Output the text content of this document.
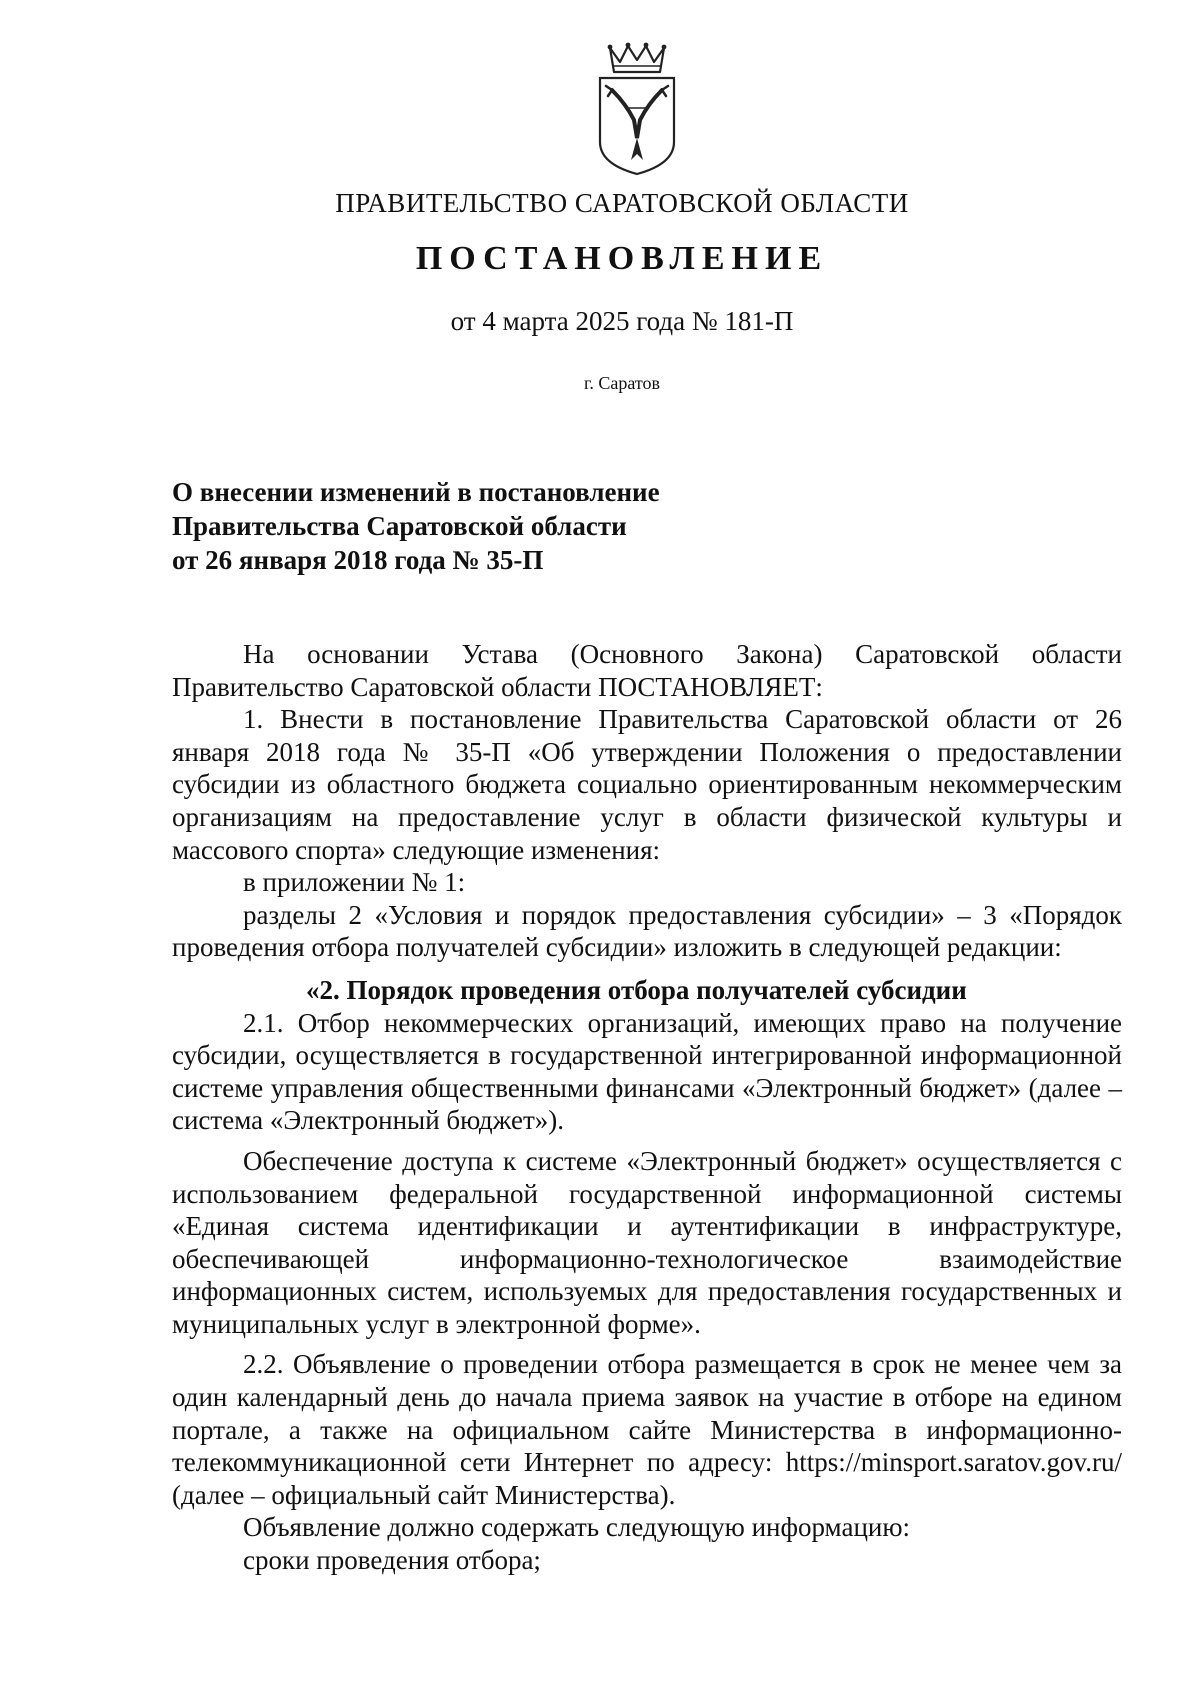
ПРАВИТЕЛЬСТВО САРАТОВСКОЙ ОБЛАСТИ
ПОСТАНОВЛЕНИЕ
от 4 марта 2025 года № 181-П
г. Саратов
О внесении изменений в постановление
Правительства Саратовской области
от 26 января 2018 года № 35-П

На основании Устава (Основного Закона) Саратовской области Правительство Саратовской области ПОСТАНОВЛЯЕТ:

1. Внести в постановление Правительства Саратовской области от 26 января 2018 года № 35-П «Об утверждении Положения о предоставлении субсидии из областного бюджета социально ориентированным некоммерческим организациям на предоставление услуг в области физической культуры и массового спорта» следующие изменения:

в приложении № 1:

разделы 2 «Условия и порядок предоставления субсидии» – 3 «Порядок проведения отбора получателей субсидии» изложить в следующей редакции:

«2. Порядок проведения отбора получателей субсидии

2.1. Отбор некоммерческих организаций, имеющих право на получение субсидии, осуществляется в государственной интегрированной информационной системе управления общественными финансами «Электронный бюджет» (далее – система «Электронный бюджет»).

Обеспечение доступа к системе «Электронный бюджет» осуществляется с использованием федеральной государственной информационной системы «Единая система идентификации и аутентификации в инфраструктуре, обеспечивающей информационно-технологическое взаимодействие информационных систем, используемых для предоставления государственных и муниципальных услуг в электронной форме».

2.2. Объявление о проведении отбора размещается в срок не менее чем за один календарный день до начала приема заявок на участие в отборе на едином портале, а также на официальном сайте Министерства в информационно-телекоммуникационной сети Интернет по адресу: https://minsport.saratov.gov.ru/ (далее – официальный сайт Министерства).

Объявление должно содержать следующую информацию:

сроки проведения отбора;
